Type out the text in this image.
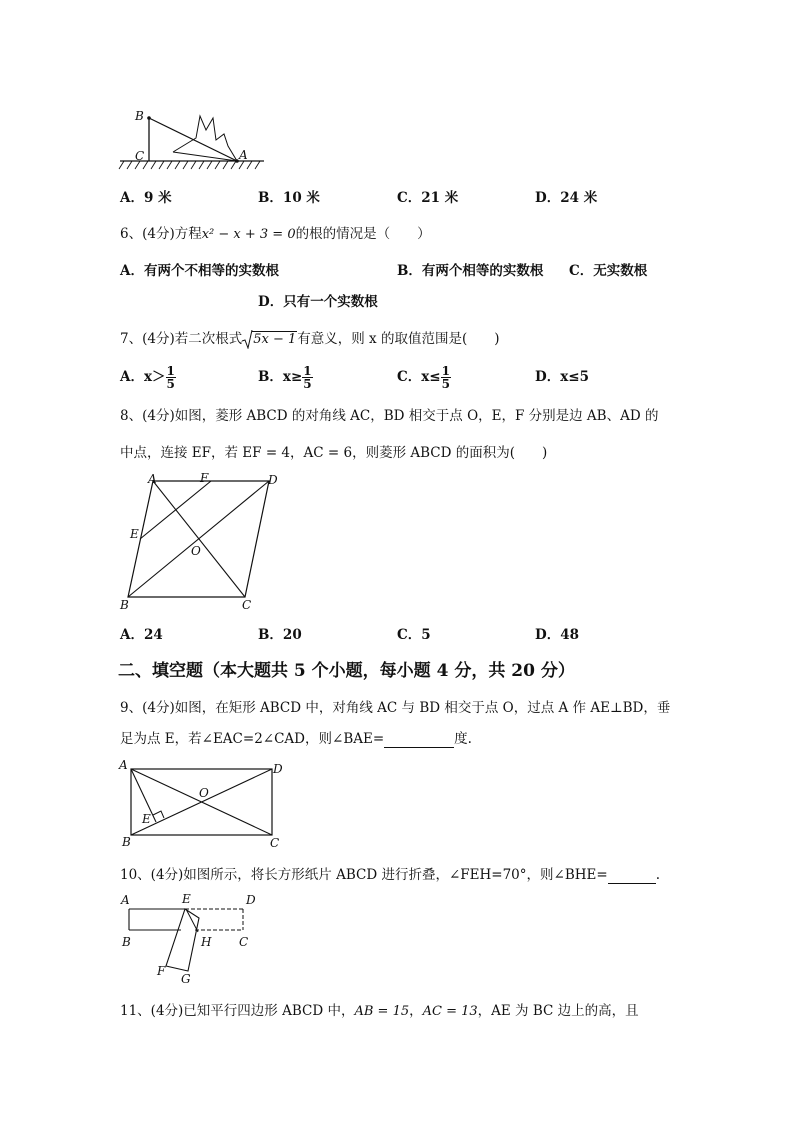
B
C	A
A．9 米	B．10 米	C．21 米	D．24 米
6、(4分)方程x² − x + 3 = 0的根的情况是（　　）
A．有两个不相等的实数根	B．有两个相等的实数根 C．无实数根
D．只有一个实数根
7、(4分)若二次根式 5x − 1有意义，则 x 的取值范围是(　　)
A．$x> \frac{1}{5}$	B．$x\ge \frac{1}{5}$	C．$x\le \frac{1}{5}$	D．x≤5
8、(4分)如图，菱形 ABCD 的对角线 AC，BD 相交于点 O，E，F 分别是边 AB、AD 的
中点，连接 EF，若 EF = 4，AC = 6，则菱形 ABCD 的面积为(　　)
A	F	D
E
O
B	C
A．24	B．20	C．5	D．48
二、填空题（本大题共 5 个小题，每小题 4 分，共 20 分）
9、(4分)如图，在矩形 ABCD 中，对角线 AC 与 BD 相交于点 O，过点 A 作 AE⊥BD，垂
足为点 E，若∠EAC=2∠CAD，则∠BAE=	度.
A	D
O
E
B	C
10、(4分)如图所示，将长方形纸片 ABCD 进行折叠，∠FEH=70°，则∠BHE=	.
A	E	D
B	H C
F
G
11、(4分)已知平行四边形 ABCD 中，AB = 15，AC = 13，AE 为 BC 边上的高，且
